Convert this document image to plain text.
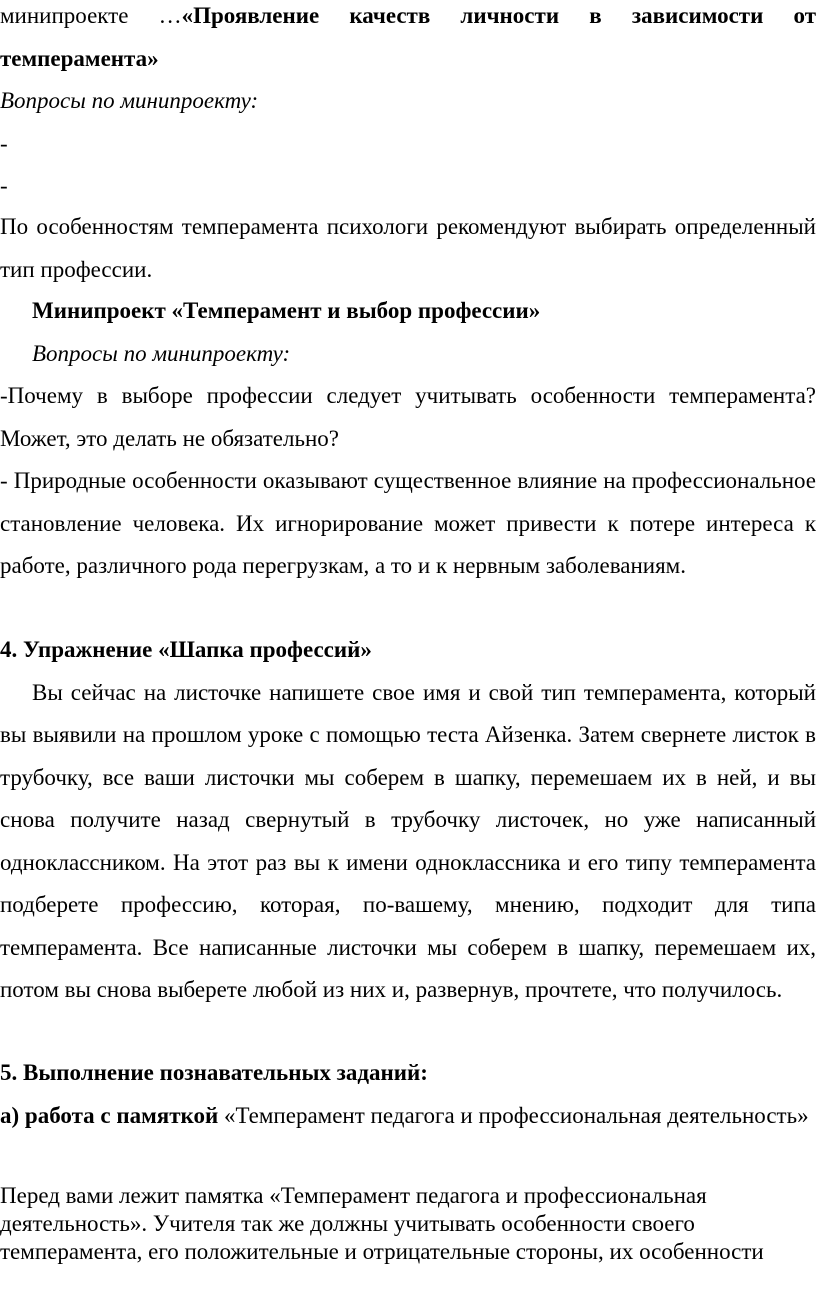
минипроекте …«Проявление качеств личности в зависимости от темперамента»

Вопросы по минипроекту:

-

-

По особенностям темперамента психологи рекомендуют выбирать определенный тип профессии.

Минипроект «Темперамент и выбор профессии»

Вопросы по минипроекту:

-Почему в выборе профессии следует учитывать особенности темперамента? Может, это делать не обязательно?

- Природные особенности оказывают существенное влияние на профессиональное становление человека. Их игнорирование может привести к потере интереса к работе, различного рода перегрузкам, а то и к нервным заболеваниям.

4. Упражнение «Шапка профессий»

Вы сейчас на листочке напишете свое имя и свой тип темперамента, который вы выявили на прошлом уроке с помощью теста Айзенка. Затем свернете листок в трубочку, все ваши листочки мы соберем в шапку, перемешаем их в ней, и вы снова получите назад свернутый в трубочку листочек, но уже написанный одноклассником. На этот раз вы к имени одноклассника и его типу темперамента подберете профессию, которая, по-вашему, мнению, подходит для типа темперамента. Все написанные листочки мы соберем в шапку, перемешаем их, потом вы снова выберете любой из них и, развернув, прочтете, что получилось.

5. Выполнение познавательных заданий:

а) работа с памяткой «Темперамент педагога и профессиональная деятельность»

Перед вами лежит памятка «Темперамент педагога и профессиональная деятельность». Учителя так же должны учитывать особенности своего темперамента, его положительные и отрицательные стороны, их особенности
